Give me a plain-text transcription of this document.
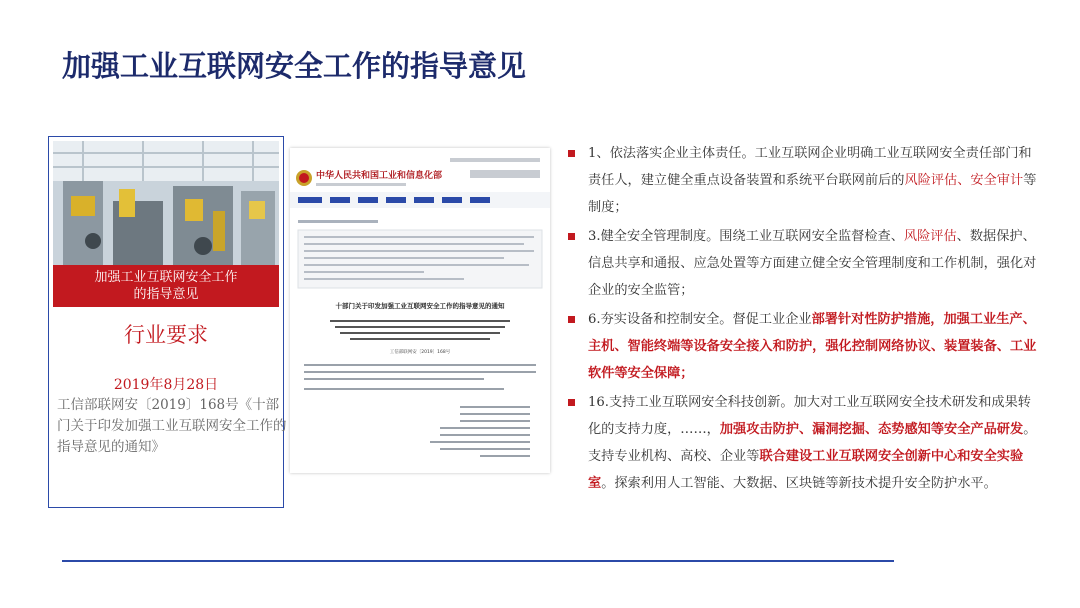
加强工业互联网安全工作的指导意见
加强工业互联网安全工作
的指导意见
行业要求
2019年8月28日
工信部联网安〔2019〕168号《十部门关于印发加强工业互联网安全工作的指导意见的通知》
中华人民共和国工业和信息化部
十部门关于印发加强工业互联网安全工作的指导意见的通知
工信部联网安〔2019〕168号
1、依法落实企业主体责任。工业互联网企业明确工业互联网安全责任部门和责任人，建立健全重点设备装置和系统平台联网前后的风险评估、安全审计等制度；
3.健全安全管理制度。围绕工业互联网安全监督检查、风险评估、数据保护、信息共享和通报、应急处置等方面建立健全安全管理制度和工作机制，强化对企业的安全监管；
6.夯实设备和控制安全。督促工业企业部署针对性防护措施，加强工业生产、主机、智能终端等设备安全接入和防护，强化控制网络协议、装置装备、工业软件等安全保障；
16.支持工业互联网安全科技创新。加大对工业互联网安全技术研发和成果转化的支持力度，……，加强攻击防护、漏洞挖掘、态势感知等安全产品研发。支持专业机构、高校、企业等联合建设工业互联网安全创新中心和安全实验室。探索利用人工智能、大数据、区块链等新技术提升安全防护水平。
